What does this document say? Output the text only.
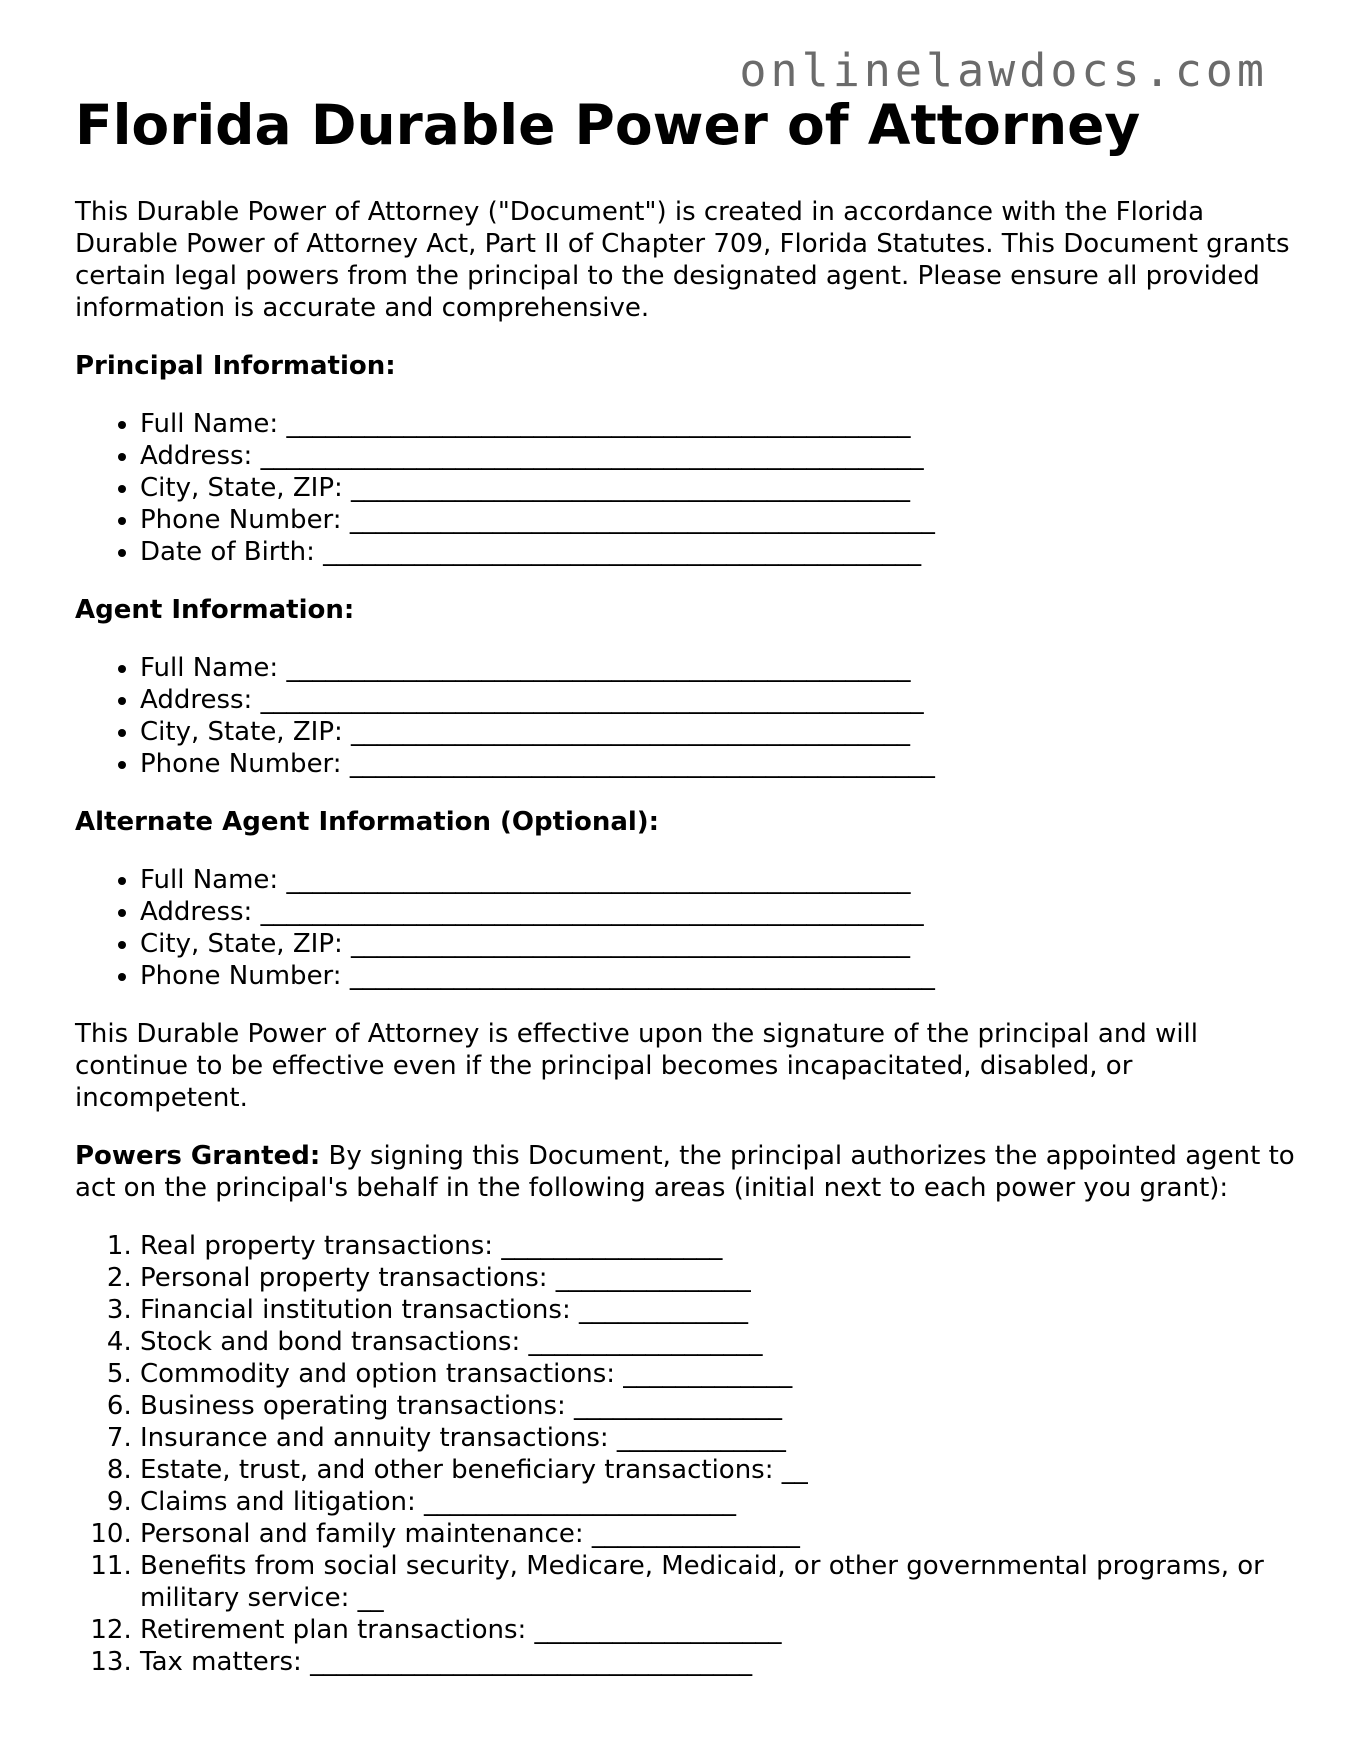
onlinelawdocs.com
Florida Durable Power of Attorney

This Durable Power of Attorney ("Document") is created in accordance with the Florida Durable Power of Attorney Act, Part II of Chapter 709, Florida Statutes. This Document grants certain legal powers from the principal to the designated agent. Please ensure all provided information is accurate and comprehensive.

Principal Information:
• Full Name: ________________________________________________
• Address: ___________________________________________________
• City, State, ZIP: ___________________________________________
• Phone Number: _____________________________________________
• Date of Birth: ______________________________________________
Agent Information:
• Full Name: ________________________________________________
• Address: ___________________________________________________
• City, State, ZIP: ___________________________________________
• Phone Number: _____________________________________________
Alternate Agent Information (Optional):
• Full Name: ________________________________________________
• Address: ___________________________________________________
• City, State, ZIP: ___________________________________________
• Phone Number: _____________________________________________

This Durable Power of Attorney is effective upon the signature of the principal and will continue to be effective even if the principal becomes incapacitated, disabled, or incompetent.

Powers Granted: By signing this Document, the principal authorizes the appointed agent to act on the principal's behalf in the following areas (initial next to each power you grant):

1. Real property transactions: _________________
2. Personal property transactions: _______________
3. Financial institution transactions: _____________
4. Stock and bond transactions: __________________
5. Commodity and option transactions: _____________
6. Business operating transactions: ________________
7. Insurance and annuity transactions: _____________
8. Estate, trust, and other beneficiary transactions: __
9. Claims and litigation: ________________________
10. Personal and family maintenance: ________________
11. Benefits from social security, Medicare, Medicaid, or other governmental programs, or military service: __
12. Retirement plan transactions: ___________________
13. Tax matters: __________________________________
